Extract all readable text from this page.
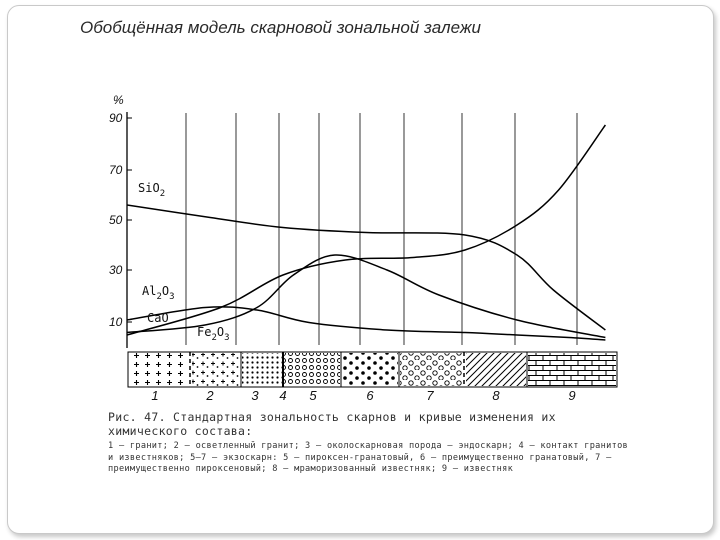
Обобщённая модель скарновой зональной залежи
%
90
70
50
30
10
1	2	3 4 5	6	7	8	9
SiO$_2$
$Al_2O_3$
CaO
$Fe_2O_3$
Рис. 47. Стандартная зональность скарнов и кривые изменения их химического состава:
1 — гранит; 2 — осветленный гранит; 3 — околоскарновая порода — эндоскарн; 4 — контакт гранитов и известняков; 5—7 — экзоскарн: 5 — пироксен-гранатовый, 6 — преимущественно гранатовый, 7 — преимущественно пироксеновый; 8 — мраморизованный известняк; 9 — известняк
